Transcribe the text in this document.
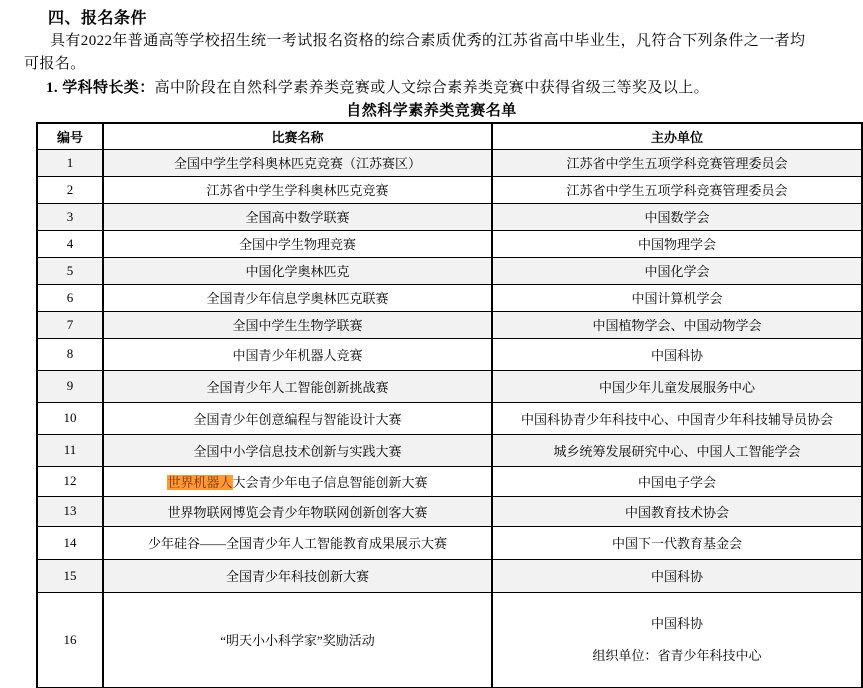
四、报名条件
具有2022年普通高等学校招生统一考试报名资格的综合素质优秀的江苏省高中毕业生，凡符合下列条件之一者均
可报名。
1. 学科特长类：高中阶段在自然科学素养类竞赛或人文综合素养类竞赛中获得省级三等奖及以上。
自然科学素养类竞赛名单
编号	比赛名称	主办单位
1	全国中学生学科奥林匹克竞赛（江苏赛区）	江苏省中学生五项学科竞赛管理委员会
2	江苏省中学生学科奥林匹克竞赛	江苏省中学生五项学科竞赛管理委员会
3	全国高中数学联赛	中国数学会
4	全国中学生物理竞赛	中国物理学会
5	中国化学奥林匹克	中国化学会
6	全国青少年信息学奥林匹克联赛	中国计算机学会
7	全国中学生生物学联赛	中国植物学会、中国动物学会
8	中国青少年机器人竞赛	中国科协
9	全国青少年人工智能创新挑战赛	中国少年儿童发展服务中心
10	全国青少年创意编程与智能设计大赛	中国科协青少年科技中心、中国青少年科技辅导员协会
11	全国中小学信息技术创新与实践大赛	城乡统筹发展研究中心、中国人工智能学会
12	世界机器人大会青少年电子信息智能创新大赛	中国电子学会
13	世界物联网博览会青少年物联网创新创客大赛	中国教育技术协会
14	少年硅谷——全国青少年人工智能教育成果展示大赛	中国下一代教育基金会
15	全国青少年科技创新大赛	中国科协
16	“明天小小科学家”奖励活动	中国科协
组织单位：省青少年科技中心
